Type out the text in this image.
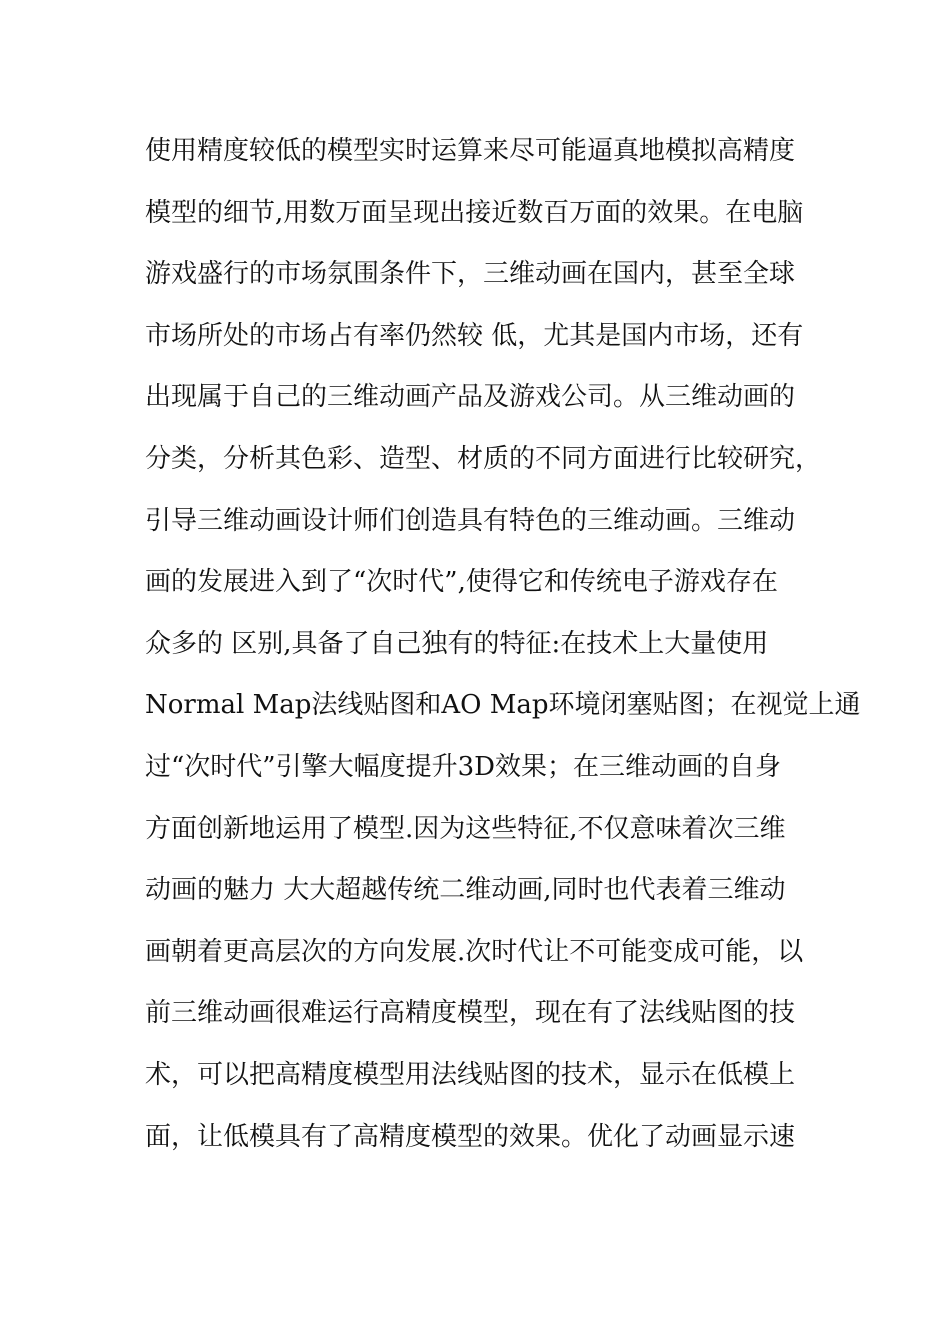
使用精度较低的模型实时运算来尽可能逼真地模拟高精度
模型的细节,用数万面呈现出接近数百万面的效果。在电脑
游戏盛行的市场氛围条件下，三维动画在国内，甚至全球
市场所处的市场占有率仍然较 低，尤其是国内市场，还有
出现属于自己的三维动画产品及游戏公司。从三维动画的
分类，分析其色彩、造型、材质的不同方面进行比较研究，
引导三维动画设计师们创造具有特色的三维动画。三维动
画的发展进入到了“次时代”,使得它和传统电子游戏存在
众多的 区别,具备了自己独有的特征:在技术上大量使用
Normal Map法线贴图和AO Map环境闭塞贴图；在视觉上通
过“次时代”引擎大幅度提升3D效果；在三维动画的自身
方面创新地运用了模型.因为这些特征,不仅意味着次三维
动画的魅力 大大超越传统二维动画,同时也代表着三维动
画朝着更高层次的方向发展.次时代让不可能变成可能，以
前三维动画很难运行高精度模型，现在有了法线贴图的技
术，可以把高精度模型用法线贴图的技术，显示在低模上
面，让低模具有了高精度模型的效果。优化了动画显示速
